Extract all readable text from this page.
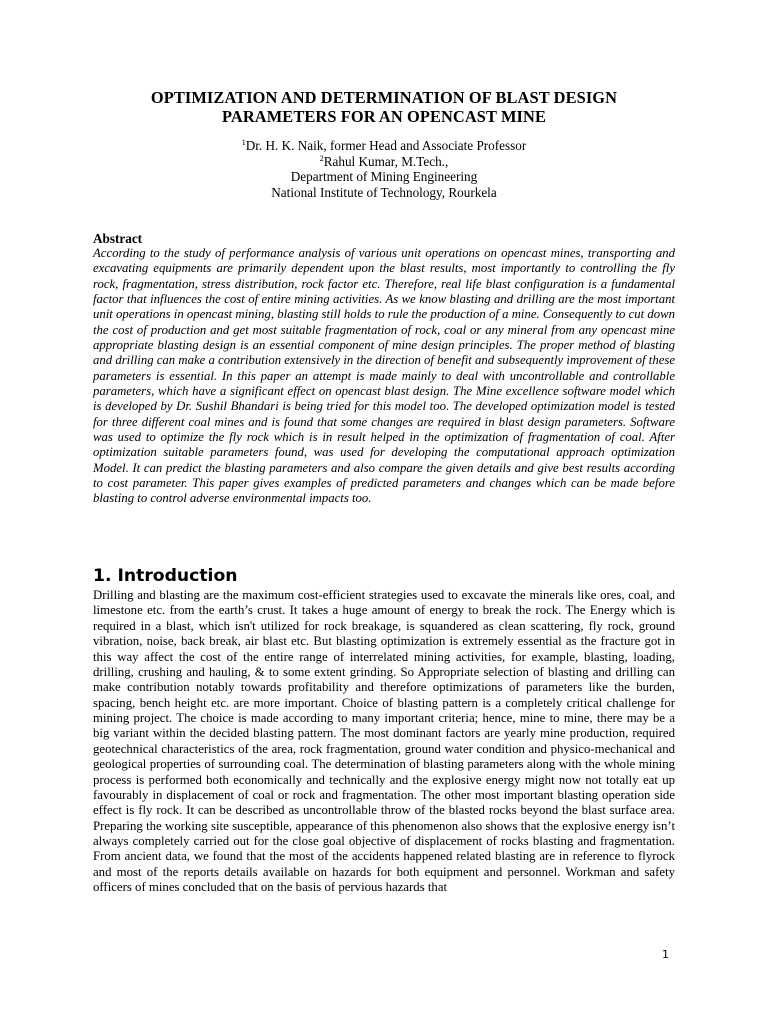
OPTIMIZATION AND DETERMINATION OF BLAST DESIGN
PARAMETERS FOR AN OPENCAST MINE
$^1$Dr. H. K. Naik, former Head and Associate Professor
$^2$Rahul Kumar, M.Tech.,
Department of Mining Engineering
National Institute of Technology, Rourkela
Abstract

According to the study of performance analysis of various unit operations on opencast mines, transporting and excavating equipments are primarily dependent upon the blast results, most importantly to controlling the fly rock, fragmentation, stress distribution, rock factor etc. Therefore, real life blast configuration is a fundamental factor that influences the cost of entire mining activities. As we know blasting and drilling are the most important unit operations in opencast mining, blasting still holds to rule the production of a mine. Consequently to cut down the cost of production and get most suitable fragmentation of rock, coal or any mineral from any opencast mine appropriate blasting design is an essential component of mine design principles. The proper method of blasting and drilling can make a contribution extensively in the direction of benefit and subsequently improvement of these parameters is essential. In this paper an attempt is made mainly to deal with uncontrollable and controllable parameters, which have a significant effect on opencast blast design. The Mine excellence software model which is developed by Dr. Sushil Bhandari is being tried for this model too. The developed optimization model is tested for three different coal mines and is found that some changes are required in blast design parameters. Software was used to optimize the fly rock which is in result helped in the optimization of fragmentation of coal. After optimization suitable parameters found, was used for developing the computational approach optimization Model. It can predict the blasting parameters and also compare the given details and give best results according to cost parameter. This paper gives examples of predicted parameters and changes which can be made before blasting to control adverse environmental impacts too.

1. Introduction

Drilling and blasting are the maximum cost-efficient strategies used to excavate the minerals like ores, coal, and limestone etc. from the earth’s crust. It takes a huge amount of energy to break the rock. The Energy which is required in a blast, which isn't utilized for rock breakage, is squandered as clean scattering, fly rock, ground vibration, noise, back break, air blast etc. But blasting optimization is extremely essential as the fracture got in this way affect the cost of the entire range of interrelated mining activities, for example, blasting, loading, drilling, crushing and hauling, & to some extent grinding. So Appropriate selection of blasting and drilling can make contribution notably towards profitability and therefore optimizations of parameters like the burden, spacing, bench height etc. are more important. Choice of blasting pattern is a completely critical challenge for mining project. The choice is made according to many important criteria; hence, mine to mine, there may be a big variant within the decided blasting pattern. The most dominant factors are yearly mine production, required geotechnical characteristics of the area, rock fragmentation, ground water condition and physico-mechanical and geological properties of surrounding coal. The determination of blasting parameters along with the whole mining process is performed both economically and technically and the explosive energy might now not totally eat up favourably in displacement of coal or rock and fragmentation. The other most important blasting operation side effect is fly rock. It can be described as uncontrollable throw of the blasted rocks beyond the blast surface area. Preparing the working site susceptible, appearance of this phenomenon also shows that the explosive energy isn’t always completely carried out for the close goal objective of displacement of rocks blasting and fragmentation. From ancient data, we found that the most of the accidents happened related blasting are in reference to flyrock and most of the reports details available on hazards for both equipment and personnel. Workman and safety officers of mines concluded that on the basis of pervious hazards that

1
